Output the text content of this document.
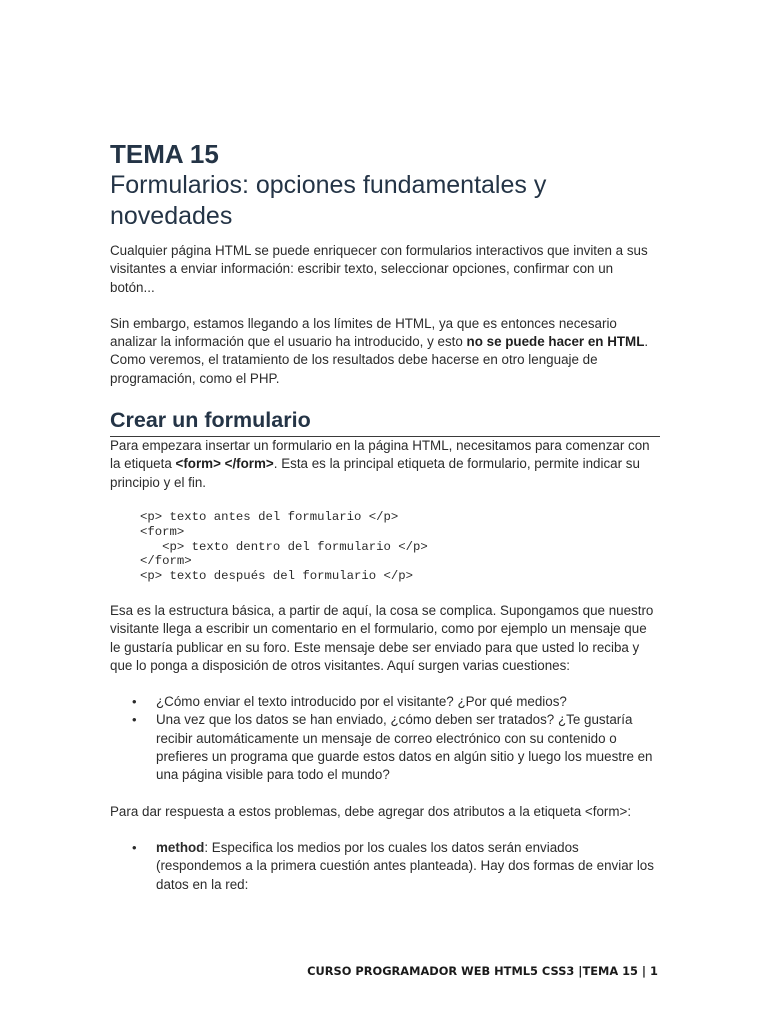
TEMA 15
Formularios: opciones fundamentales y
novedades

Cualquier página HTML se puede enriquecer con formularios interactivos que inviten a sus visitantes a enviar información: escribir texto, seleccionar opciones, confirmar con un botón...

Sin embargo, estamos llegando a los límites de HTML, ya que es entonces necesario analizar la información que el usuario ha introducido, y esto no se puede hacer en HTML. Como veremos, el tratamiento de los resultados debe hacerse en otro lenguaje de programación, como el PHP.

Crear un formulario

Para empezara insertar un formulario en la página HTML, necesitamos para comenzar con la etiqueta <form> </form>. Esta es la principal etiqueta de formulario, permite indicar su principio y el fin.

<p> texto antes del formulario </p>
<form>
<p> texto dentro del formulario </p>
</form>
<p> texto después del formulario </p>

Esa es la estructura básica, a partir de aquí, la cosa se complica. Supongamos que nuestro visitante llega a escribir un comentario en el formulario, como por ejemplo un mensaje que le gustaría publicar en su foro. Este mensaje debe ser enviado para que usted lo reciba y que lo ponga a disposición de otros visitantes. Aquí surgen varias cuestiones:

• ¿Cómo enviar el texto introducido por el visitante? ¿Por qué medios?
• Una vez que los datos se han enviado, ¿cómo deben ser tratados? ¿Te gustaría recibir automáticamente un mensaje de correo electrónico con su contenido o prefieres un programa que guarde estos datos en algún sitio y luego los muestre en una página visible para todo el mundo?

Para dar respuesta a estos problemas, debe agregar dos atributos a la etiqueta <form>:

• method: Especifica los medios por los cuales los datos serán enviados (respondemos a la primera cuestión antes planteada). Hay dos formas de enviar los datos en la red:
CURSO PROGRAMADOR WEB HTML5 CSS3 |TEMA 15 | 1
